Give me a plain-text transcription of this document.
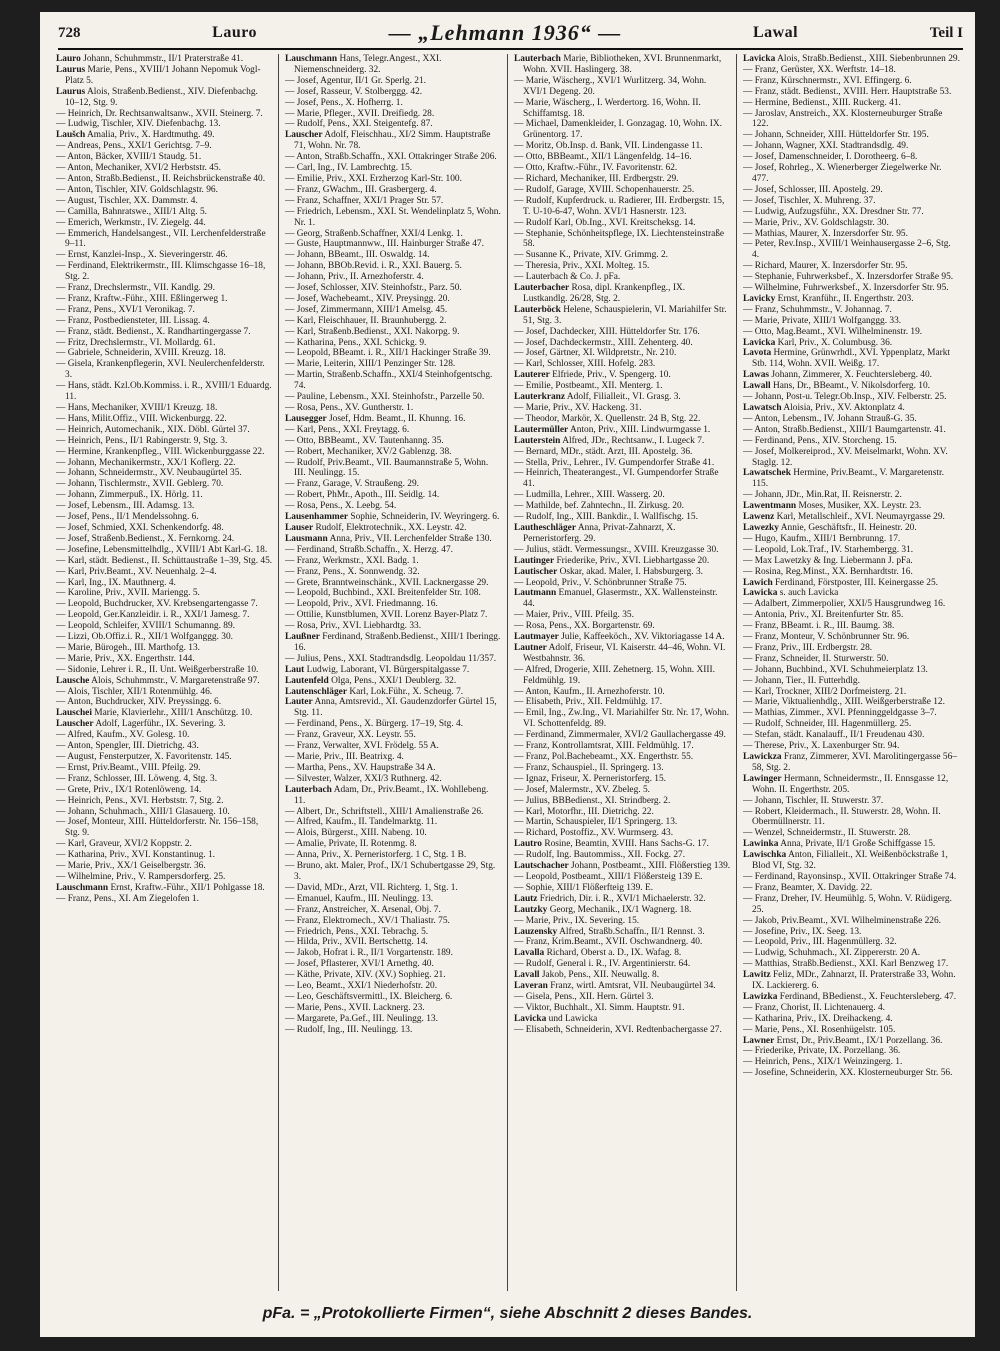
728	Lauro	— „Lehmann 1936“ —	Lawal	Teil I

Lauro Johann, Schuhmmstr., II/1 Praterstraße 41.

Laurus Marie, Pens., XVIII/1 Johann Nepomuk Vogl-Platz 5.

Laurus Alois, Straßenb.Bedienst., XIV. Diefenbachg. 10–12, Stg. 9.

— Heinrich, Dr. Rechtsanwaltsanw., XVII. Steinerg. 7.

— Ludwig, Tischler, XIV. Diefenbachg. 13.

Laušch Amalia, Priv., X. Hardtmuthg. 49.

— Andreas, Pens., XXI/1 Gerichtsg. 7–9.

— Anton, Bäcker, XVIII/1 Staudg. 51.

— Anton, Mechaniker, XVI/2 Herbststr. 45.

— Anton, Straßb.Bedienst., II. Reichsbrückenstraße 40.

— Anton, Tischler, XIV. Goldschlagstr. 96.

— August, Tischler, XX. Dammstr. 4.

— Camilla, Bahnratswe., XIII/1 Altg. 5.

— Emerich, Werkmstr., IV. Ziegelg. 44.

— Emmerich, Handelsangest., VII. Lerchenfelderstraße 9–11.

— Ernst, Kanzlei-Insp., X. Sieveringerstr. 46.

— Ferdinand, Elektrikermstr., III. Klimschgasse 16–18, Stg. 2.

— Franz, Drechslermstr., VII. Kandlg. 29.

— Franz, Kraftw.-Führ., XIII. Eßlingerweg 1.

— Franz, Pens., XVI/1 Veronikag. 7.

— Franz, Postbediensteter, III. Lissag. 4.

— Franz, städt. Bedienst., X. Randhartingergasse 7.

— Fritz, Drechslermstr., VI. Mollardg. 61.

— Gabriele, Schneiderin, XVIII. Kreuzg. 18.

— Gisela, Krankenpflegerin, XVI. Neulerchenfelderstr. 3.

— Hans, städt. Kzl.Ob.Kommiss. i. R., XVIII/1 Eduardg. 11.

— Hans, Mechaniker, XVIII/1 Kreuzg. 18.

— Hans, Milit.Offiz., VIII. Wickenburgg. 22.

— Heinrich, Automechanik., XIX. Döbl. Gürtel 37.

— Heinrich, Pens., II/1 Rabingerstr. 9, Stg. 3.

— Hermine, Krankenpfleg., VIII. Wickenburggasse 22.

— Johann, Mechanikermstr., XX/1 Koflerg. 22.

— Johann, Schneidermstr., XV. Neubaugürtel 35.

— Johann, Tischlermstr., XVII. Geblerg. 70.

— Johann, Zimmerpuß., IX. Hörlg. 11.

— Josef, Lebensm., III. Adamsg. 13.

— Josef, Pens., II/1 Mendelssohng. 6.

— Josef, Schmied, XXI. Schenkendorfg. 48.

— Josef, Straßenb.Bedienst., X. Fernkorng. 24.

— Josefine, Lebensmittelhdlg., XVIII/1 Abt Karl-G. 18.

— Karl, städt. Bedienst., II. Schüttaustraße 1–39, Stg. 45.

— Karl, Priv.Beamt., XV. Neuenhalg. 2–4.

— Karl, Ing., IX. Mauthnerg. 4.

— Karoline, Priv., XVII. Mariengg. 5.

— Leopold, Buchdrucker, XV. Krebsengartengasse 7.

— Leopold, Ger.Kanzleidir. i. R., XXI/1 Jamesg. 7.

— Leopold, Schleifer, XVIII/1 Schumanng. 89.

— Lizzi, Ob.Offiz.i. R., XII/1 Wolfganggg. 30.

— Marie, Bürogeh., III. Marthofg. 13.

— Marie, Priv., XX. Engerthstr. 144.

— Sidonie, Lehrer i. R., II. Unt. Weißgerberstraße 10.

Lausche Alois, Schuhmmstr., V. Margaretenstraße 97.

— Alois, Tischler, XII/1 Rotenmühlg. 46.

— Anton, Buchdrucker, XIV. Preyssingg. 6.

Lauschei Marie, Klavierlehr., XIII/1 Anschützg. 10.

Lauscher Adolf, Lagerführ., IX. Severing. 3.

— Alfred, Kaufm., XV. Golesg. 10.

— Anton, Spengler, III. Dietrichg. 43.

— August, Fensterputzer, X. Favoritenstr. 145.

— Ernst, Priv.Beamt., VIII. Pfeilg. 29.

— Franz, Schlosser, III. Löweng. 4, Stg. 3.

— Grete, Priv., IX/1 Rotenlöweng. 14.

— Heinrich, Pens., XVI. Herbststr. 7, Stg. 2.

— Johann, Schuhmach., XIII/1 Glasauerg. 10.

— Josef, Monteur, XIII. Hütteldorferstr. Nr. 156–158, Stg. 9.

— Karl, Graveur, XVI/2 Koppstr. 2.

— Katharina, Priv., XVI. Konstantinug. 1.

— Marie, Priv., XX/1 Geiselbergstr. 36.

— Wilhelmine, Priv., V. Rampersdorferg. 25.

Lauschmann Ernst, Kraftw.-Führ., XII/1 Pohlgasse 18.

— Franz, Pens., XI. Am Ziegelofen 1.

Lauschmann Hans, Telegr.Angest., XXI. Niemenschneiderg. 32.

— Josef, Agentur, II/1 Gr. Sperlg. 21.

— Josef, Rasseur, V. Stolberggg. 42.

— Josef, Pens., X. Hofherrg. 1.

— Marie, Pfleger., XVII. Dreifiedg. 28.

— Rudolf, Pens., XXI. Steigentefg. 87.

Lauscher Adolf, Fleischhau., XI/2 Simm. Hauptstraße 71, Wohn. Nr. 78.

— Anton, Straßb.Schaffn., XXI. Ottakringer Straße 206.

— Carl, Ing., IV. Lambrechtg. 15.

— Emilie, Priv., XXI. Erzherzog Karl-Str. 100.

— Franz, GWachm., III. Grasbergerg. 4.

— Franz, Schaffner, XXI/1 Prager Str. 57.

— Friedrich, Lebensm., XXI. St. Wendelinplatz 5, Wohn. Nr. 1.

— Georg, Straßenb.Schaffner, XXI/4 Lenkg. 1.

— Guste, Hauptmannww., III. Hainburger Straße 47.

— Johann, BBeamt., III. Oswaldg. 14.

— Johann, BBOb.Revid. i. R., XXI. Bauerg. 5.

— Johann, Priv., II. Arnezhoferstr. 4.

— Josef, Schlosser, XIV. Steinhofstr., Parz. 50.

— Josef, Wachebeamt., XIV. Preysingg. 20.

— Josef, Zimmermann, XIII/1 Amelsg. 45.

— Karl, Fleischhauer, II. Braunhubergg. 2.

— Karl, Straßenb.Bedienst., XXI. Nakorpg. 9.

— Katharina, Pens., XXI. Schickg. 9.

— Leopold, BBeamt. i. R., XII/1 Hackinger Straße 39.

— Marie, Leiterin, XIII/1 Penzinger Str. 128.

— Martin, Straßenb.Schaffn., XXI/4 Steinhofgentschg. 74.

— Pauline, Lebensm., XXI. Steinhofstr., Parzelle 50.

— Rosa, Pens., XV. Guntherstr. 1.

Lausegger Josef, Hdm. Beamt., II. Khunng. 16.

— Karl, Pens., XXI. Freytagg. 6.

— Otto, BBBeamt., XV. Tautenhanng. 35.

— Robert, Mechaniker, XV/2 Gablenzg. 38.

— Rudolf, Priv.Beamt., VII. Baumannstraße 5, Wohn. III. Neulingg. 15.

— Franz, Garage, V. Straußeng. 29.

— Robert, PhMr., Apoth., III. Seidlg. 14.

— Rosa, Pens., X. Leebg. 54.

Lausenhammer Sophie, Schneiderin, IV. Weyringerg. 6.

Lauser Rudolf, Elektrotechnik., XX. Leystr. 42.

Lausmann Anna, Priv., VII. Lerchenfelder Straße 130.

— Ferdinand, Straßb.Schaffn., X. Herzg. 47.

— Franz, Werkmstr., XXI. Badg. 1.

— Franz, Pens., X. Sonnwendg. 32.

— Grete, Branntweinschänk., XVII. Lacknergasse 29.

— Leopold, Buchbind., XXI. Breitenfelder Str. 108.

— Leopold, Priv., XVI. Friedmanng. 16.

— Ottilie, Kunstblumen, XVII. Lorenz Bayer-Platz 7.

— Rosa, Priv., XVI. Liebhardtg. 33.

Laußner Ferdinand, Straßenb.Bedienst., XIII/1 Iberingg. 16.

— Julius, Pens., XXI. Stadtrandsdlg. Leopoldau 11/357.

Laut Ludwig, Laborant, VI. Bürgerspitalgasse 7.

Lautenfeld Olga, Pens., XXI/1 Deublerg. 32.

Lautenschläger Karl, Lok.Führ., X. Scheug. 7.

Lauter Anna, Amtsrevid., XI. Gaudenzdorfer Gürtel 15, Stg. 11.

— Ferdinand, Pens., X. Bürgerg. 17–19, Stg. 4.

— Franz, Graveur, XX. Leystr. 55.

— Franz, Verwalter, XVI. Frödelg. 55 A.

— Marie, Priv., III. Beatrixg. 4.

— Martha, Pens., XV. Haupstraße 34 A.

— Silvester, Walzer, XXI/3 Ruthnerg. 42.

Lauterbach Adam, Dr., Priv.Beamt., IX. Wohllebeng. 11.

— Albert, Dr., Schriftstell., XIII/1 Amalienstraße 26.

— Alfred, Kaufm., II. Tandelmarktg. 11.

— Alois, Bürgerst., XIII. Nabeng. 10.

— Amalie, Private, II. Rotenmg. 8.

— Anna, Priv., X. Perneristorferg. 1 C, Stg. 1 B.

— Bruno, akt. Maler, Prof., IX/1 Schubertgasse 29, Stg. 3.

— David, MDr., Arzt, VII. Richterg. 1, Stg. 1.

— Emanuel, Kaufm., III. Neulingg. 13.

— Franz, Anstreicher, X. Arsenal, Obj. 7.

— Franz, Elektromech., XV/1 Thaliastr. 75.

— Friedrich, Pens., XXI. Tebrachg. 5.

— Hilda, Priv., XVII. Bertschettg. 14.

— Jakob, Hofrat i. R., II/1 Vorgartenstr. 189.

— Josef, Pflasterer, XVI/1 Arnethg. 40.

— Käthe, Private, XIV. (XV.) Sophieg. 21.

— Leo, Beamt., XXI/1 Niederhofstr. 20.

— Leo, Geschäftsvermittl., IX. Bleicherg. 6.

— Marie, Pens., XVII. Lacknerg. 23.

— Margarete, Pa.Gef., III. Neulingg. 13.

— Rudolf, Ing., III. Neulingg. 13.

Lauterbach Marie, Bibliotheken, XVI. Brunnenmarkt, Wohn. XVII. Haslingerg. 38.

— Marie, Wäscherg., XVI/1 Wurlitzerg. 34, Wohn. XVI/1 Degeng. 20.

— Marie, Wäscherg., I. Werdertorg. 16, Wohn. II. Schiffamtsg. 18.

— Michael, Damenkleider, I. Gonzagag. 10, Wohn. IX. Grünentorg. 17.

— Moritz, Ob.Insp. d. Bank, VII. Lindengasse 11.

— Otto, BBBeamt., XII/1 Längenfeldg. 14–16.

— Otto, Kraftw.-Führ., IV. Favoritenstr. 62.

— Richard, Mechaniker, III. Erdbergstr. 29.

— Rudolf, Garage, XVIII. Schopenhauerstr. 25.

— Rudolf, Kupferdruck. u. Radierer, III. Erdbergstr. 15, T. U-10-6-47, Wohn. XVI/1 Hasnerstr. 123.

— Rudolf Karl, Ob.Ing., XVI. Kreitscheksg. 14.

— Stephanie, Schönheitspflege, IX. Liechtensteinstraße 58.

— Susanne K., Private, XIV. Grimmg. 2.

— Theresia, Priv., XXI. Molteg. 15.

— Lauterbach & Co. J. pFa.

Lauterbacher Rosa, dipl. Krankenpfleg., IX. Lustkandlg. 26/28, Stg. 2.

Lauterböck Helene, Schauspielerin, VI. Mariahilfer Str. 51, Stg. 3.

— Josef, Dachdecker, XIII. Hütteldorfer Str. 176.

— Josef, Dachdeckermstr., XIII. Zehenterg. 40.

— Josef, Gärtner, XI. Wildpretstr., Nr. 210.

— Karl, Schlosser, XIII. Hofelg. 283.

Lauterer Elfriede, Priv., V. Spengerg. 10.

— Emilie, Postbeamt., XII. Menterg. 1.

Lauterkranz Adolf, Filialleit., VI. Grasg. 3.

— Marie, Priv., XV. Hackeng. 31.

— Theodor, Markör, X. Quellenstr. 24 B, Stg. 22.

Lautermüller Anton, Priv., XIII. Lindwurmgasse 1.

Lauterstein Alfred, JDr., Rechtsanw., I. Lugeck 7.

— Bernard, MDr., städt. Arzt, III. Apostelg. 36.

— Stella, Priv., Lehrer., IV. Gumpendorfer Straße 41.

— Heinrich, Theaterangest., VI. Gumpendorfer Straße 41.

— Ludmilla, Lehrer., XIII. Wasserg. 20.

— Mathilde, bef. Zahntechn., II. Zirkusg. 20.

— Rudolf, Ing., XIII. Bankdir., I. Wallfischg. 15.

Lautheschläger Anna, Privat-Zahnarzt, X. Perneristorferg. 29.

— Julius, städt. Vermessungsr., XVIII. Kreuzgasse 30.

Lautinger Friederike, Priv., XVI. Liebhartgasse 20.

Lautischer Oskar, akad. Maler, I. Habsburgerg. 3.

— Leopold, Priv., V. Schönbrunner Straße 75.

Lautmann Emanuel, Glasermstr., XX. Wallensteinstr. 44.

— Maier, Priv., VIII. Pfeilg. 35.

— Rosa, Pens., XX. Borgartenstr. 69.

Lautmayer Julie, Kaffeeköch., XV. Viktoriagasse 14 A.

Lautner Adolf, Friseur, VI. Kaiserstr. 44–46, Wohn. VI. Westbahnstr. 36.

— Alfred, Drogerie, XIII. Zehetnerg. 15, Wohn. XIII. Feldmühlg. 19.

— Anton, Kaufm., II. Arnezhoferstr. 10.

— Elisabeth, Priv., XII. Feldmühlg. 17.

— Emil, Ing., Zw.Ing., VI. Mariahilfer Str. Nr. 17, Wohn. VI. Schottenfeldg. 89.

— Ferdinand, Zimmermaler, XVI/2 Gaullachergasse 49.

— Franz, Kontrollamtsrat, XIII. Feldmühlg. 17.

— Franz, Pol.Bachebeamt., XX. Engerthstr. 55.

— Franz, Schauspiel., II. Springerg. 13.

— Ignaz, Friseur, X. Perneristorferg. 15.

— Josef, Malermstr., XV. Zbeleg. 5.

— Julius, BBBedienst., XI. Strindberg. 2.

— Karl, Motorfhr., III. Dietrichg. 22.

— Martin, Schauspieler, II/1 Springerg. 13.

— Richard, Postoffiz., XV. Wurmserg. 43.

Lautro Rosine, Beamtin, XVIII. Hans Sachs-G. 17.

— Rudolf, Ing. Bautommiss., XII. Fockg. 27.

Lautschacher Johann, Postbeamt., XIII. Flößerstieg 139.

— Leopold, Postbeamt., XIII/1 Flößersteig 139 E.

— Sophie, XIII/1 Flößerfteig 139. E.

Lautz Friedrich, Dir. i. R., XVI/1 Michaelerstr. 32.

Lautzky Georg, Mechanik., IX/1 Wagnerg. 18.

— Marie, Priv., IX. Severing. 15.

Lauzensky Alfred, Straßb.Schaffn., II/1 Rennst. 3.

— Franz, Krim.Beamt., XVII. Oschwandnerg. 40.

Lavalla Richard, Oberst a. D., IX. Wafag. 8.

— Rudolf, General i. R., IV. Argentinierstr. 64.

Lavall Jakob, Pens., XII. Neuwallg. 8.

Laveran Franz, wirtl. Amtsrat, VII. Neubaugürtel 34.

— Gisela, Pens., XII. Hern. Gürtel 3.

— Viktor, Buchhalt., XI. Simm. Hauptstr. 91.

Lavicka und Lawicka

— Elisabeth, Schneiderin, XVI. Redtenbachergasse 27.

Lavicka Alois, Straßb.Bedienst., XIII. Siebenbrunnen 29.

— Franz, Gerüster, XX. Werftstr. 14–18.

— Franz, Kürschnermstr., XVI. Effingerg. 6.

— Franz, städt. Bedienst., XVIII. Herr. Hauptstraße 53.

— Hermine, Bedienst., XIII. Ruckerg. 41.

— Jaroslav, Anstreich., XX. Klosterneuburger Straße 122.

— Johann, Schneider, XIII. Hütteldorfer Str. 195.

— Johann, Wagner, XXI. Stadtrandsdlg. 49.

— Josef, Damenschneider, I. Dorotheerg. 6–8.

— Josef, Rohrleg., X. Wienerberger Ziegelwerke Nr. 477.

— Josef, Schlosser, III. Apostelg. 29.

— Josef, Tischler, X. Muhreng. 37.

— Ludwig, Aufzugsführ., XX. Dresdner Str. 77.

— Marie, Priv., XV. Goldschlagstr. 30.

— Mathias, Maurer, X. Inzersdorfer Str. 95.

— Peter, Rev.Insp., XVIII/1 Weinhausergasse 2–6, Stg. 4.

— Richard, Maurer, X. Inzersdorfer Str. 95.

— Stephanie, Fuhrwerksbef., X. Inzersdorfer Straße 95.

— Wilhelmine, Fuhrwerksbef., X. Inzersdorfer Str. 95.

Lavicky Ernst, Kranführ., II. Engerthstr. 203.

— Franz, Schuhmmstr., V. Johannag. 7.

— Marie, Private, XIII/1 Wolfganggg. 33.

— Otto, Mag.Beamt., XVI. Wilhelminenstr. 19.

Lavicka Karl, Priv., X. Columbusg. 36.

Lavota Hermine, Grünwrhdl., XVI. Yppenplatz, Markt Stb. 114, Wohn. XVII. Weißg. 17.

Lawas Johann, Zimmerer, X. Feuchtersleberg. 40.

Lawall Hans, Dr., BBeamt., V. Nikolsdorferg. 10.

— Johann, Post-u. Telegr.Ob.Insp., XIV. Felberstr. 25.

Lawatsch Aloisia, Priv., XV. Aktonplatz 4.

— Anton, Lebensm., IV. Johann Strauß-G. 35.

— Anton, Straßb.Bedienst., XIII/1 Baumgartenstr. 41.

— Ferdinand, Pens., XIV. Storcheng. 15.

— Josef, Molkereiprod., XV. Meiselmarkt, Wohn. XV. Staglg. 12.

Lawatschek Hermine, Priv.Beamt., V. Margaretenstr. 115.

— Johann, JDr., Min.Rat, II. Reisnerstr. 2.

Lawentmann Moses, Musiker, XX. Leystr. 23.

Lawenz Karl, Metallschleif., XVI. Neumayrgasse 29.

Lawezky Annie, Geschäftsfr., II. Heinestr. 20.

— Hugo, Kaufm., XIII/1 Bernbrunng. 17.

— Leopold, Lok.Traf., IV. Starhembergg. 31.

— Max Lawetzky & Ing. Liebermann J. pFa.

— Rosina, Reg.Minst., XX. Bernhardtstr. 16.

Lawich Ferdinand, Förstposter, III. Keinergasse 25.

Lawicka s. auch Lavicka

— Adalbert, Zimmerpolier, XXI/5 Hausgrundweg 16.

— Antonia, Priv., XI. Breitenfurter Str. 85.

— Franz, BBeamt. i. R., III. Baumg. 38.

— Franz, Monteur, V. Schönbrunner Str. 96.

— Franz, Priv., III. Erdbergstr. 28.

— Franz, Schneider, II. Sturwerstr. 50.

— Johann, Buchbind., XVI. Schuhmeierplatz 13.

— Johann, Tier., II. Futterhdlg.

— Karl, Trockner, XIII/2 Dorfmeisterg. 21.

— Marie, Viktualienhdlg., XIII. Weißgerberstraße 12.

— Mathias, Zimmer., XVI. Pfenninggeldgasse 3–7.

— Rudolf, Schneider, III. Hagenmüllerg. 25.

— Stefan, städt. Kanalauff., II/1 Freudenau 430.

— Therese, Priv., X. Laxenburger Str. 94.

Lawickza Franz, Zimmerer, XVI. Marolitingergasse 56–58, Stg. 2.

Lawinger Hermann, Schneidermstr., II. Ennsgasse 12, Wohn. II. Engerthstr. 205.

— Johann, Tischler, II. Stuwerstr. 37.

— Robert, Kleidermach., II. Stuwerstr. 28, Wohn. II. Obermüllnerstr. 11.

— Wenzel, Schneidermstr., II. Stuwerstr. 28.

Lawinka Anna, Private, II/1 Große Schiffgasse 15.

Lawischka Anton, Filialleit., XI. Weißenböckstraße 1, Blod VI, Stg. 32.

— Ferdinand, Rayonsinsp., XVII. Ottakringer Straße 74.

— Franz, Beamter, X. Davidg. 22.

— Franz, Dreher, IV. Heumühlg. 5, Wohn. V. Rüdigerg. 25.

— Jakob, Priv.Beamt., XVI. Wilhelminenstraße 226.

— Josefine, Priv., IX. Seeg. 13.

— Leopold, Priv., III. Hagenmüllerg. 32.

— Ludwig, Schuhmach., XI. Zippererstr. 20 A.

— Matthias, Straßb.Bedienst., XXI. Karl Benzweg 17.

Lawitz Feliz, MDr., Zahnarzt, II. Praterstraße 33, Wohn. IX. Lackiererg. 6.

Lawizka Ferdinand, BBedienst., X. Feuchtersleberg. 47.

— Franz, Chorist, II. Lichtenauerg. 4.

— Katharina, Priv., IX. Dreihackeng. 4.

— Marie, Pens., XI. Rosenhügelstr. 105.

Lawner Ernst, Dr., Priv.Beamt., IX/1 Porzellang. 36.

— Friederike, Private, IX. Porzellang. 36.

— Heinrich, Pens., XIX/1 Weinzingerg. 1.

— Josefine, Schneiderin, XX. Klosterneuburger Str. 56.

pFa. = „Protokollierte Firmen“, siehe Abschnitt 2 dieses Bandes.
